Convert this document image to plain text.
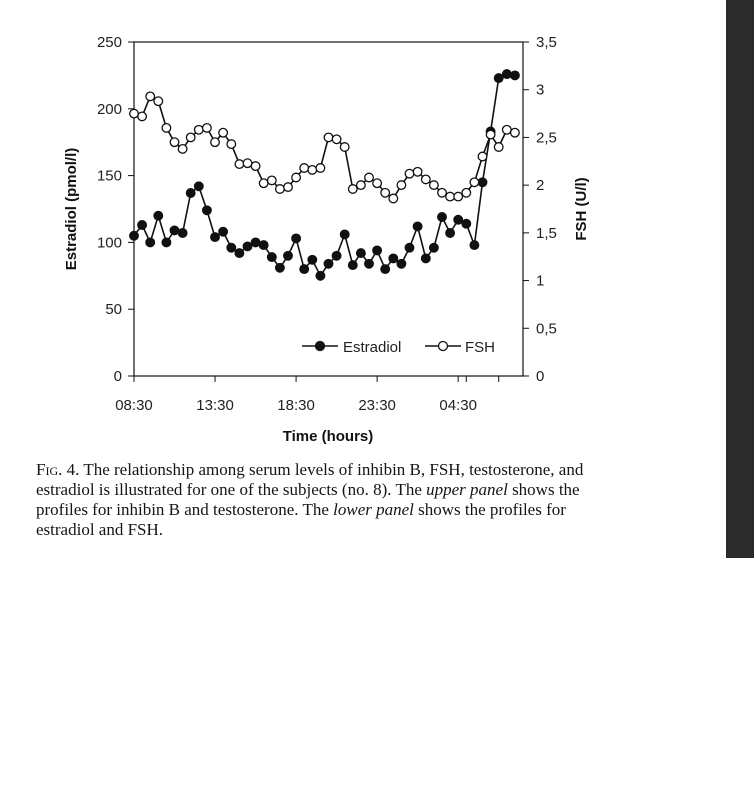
0
50
100
150
200
250
0
0,5
1
1,5
2
2,5
3
3,5
08:30	13:30	18:30	23:30	04:30
Estradiol (pmol/l)	FSH (U/l)
Time (hours)
Estradiol	FSH
Fig. 4. The relationship among serum levels of inhibin B, FSH, testosterone, and estradiol is illustrated for one of the subjects (no. 8). The upper panel shows the profiles for inhibin B and testosterone. The lower panel shows the profiles for estradiol and FSH.
